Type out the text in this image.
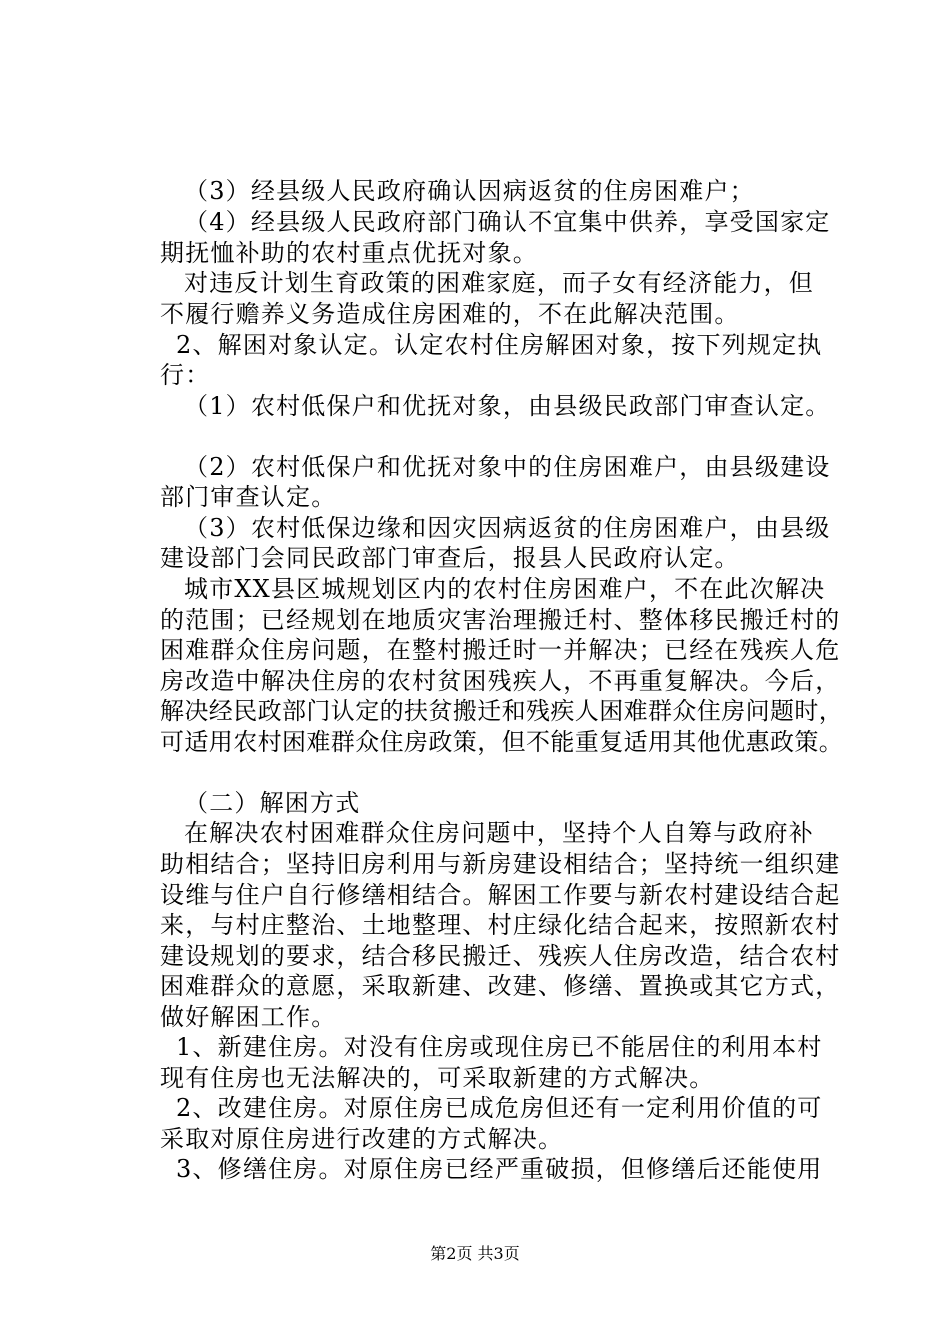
（3）经县级人民政府确认因病返贫的住房困难户；
（4）经县级人民政府部门确认不宜集中供养，享受国家定
期抚恤补助的农村重点优抚对象。
对违反计划生育政策的困难家庭，而子女有经济能力，但
不履行赡养义务造成住房困难的，不在此解决范围。
2、解困对象认定。认定农村住房解困对象，按下列规定执
行：
（1）农村低保户和优抚对象，由县级民政部门审查认定。
（2）农村低保户和优抚对象中的住房困难户，由县级建设
部门审查认定。
（3）农村低保边缘和因灾因病返贫的住房困难户，由县级
建设部门会同民政部门审查后，报县人民政府认定。
城市XX县区城规划区内的农村住房困难户，不在此次解决
的范围；已经规划在地质灾害治理搬迁村、整体移民搬迁村的
困难群众住房问题，在整村搬迁时一并解决；已经在残疾人危
房改造中解决住房的农村贫困残疾人，不再重复解决。今后，
解决经民政部门认定的扶贫搬迁和残疾人困难群众住房问题时，
可适用农村困难群众住房政策，但不能重复适用其他优惠政策。
（二）解困方式
在解决农村困难群众住房问题中，坚持个人自筹与政府补
助相结合；坚持旧房利用与新房建设相结合；坚持统一组织建
设维与住户自行修缮相结合。解困工作要与新农村建设结合起
来，与村庄整治、土地整理、村庄绿化结合起来，按照新农村
建设规划的要求，结合移民搬迁、残疾人住房改造，结合农村
困难群众的意愿，采取新建、改建、修缮、置换或其它方式，
做好解困工作。
1、新建住房。对没有住房或现住房已不能居住的利用本村
现有住房也无法解决的，可采取新建的方式解决。
2、改建住房。对原住房已成危房但还有一定利用价值的可
采取对原住房进行改建的方式解决。
3、修缮住房。对原住房已经严重破损，但修缮后还能使用
第2页 共3页
